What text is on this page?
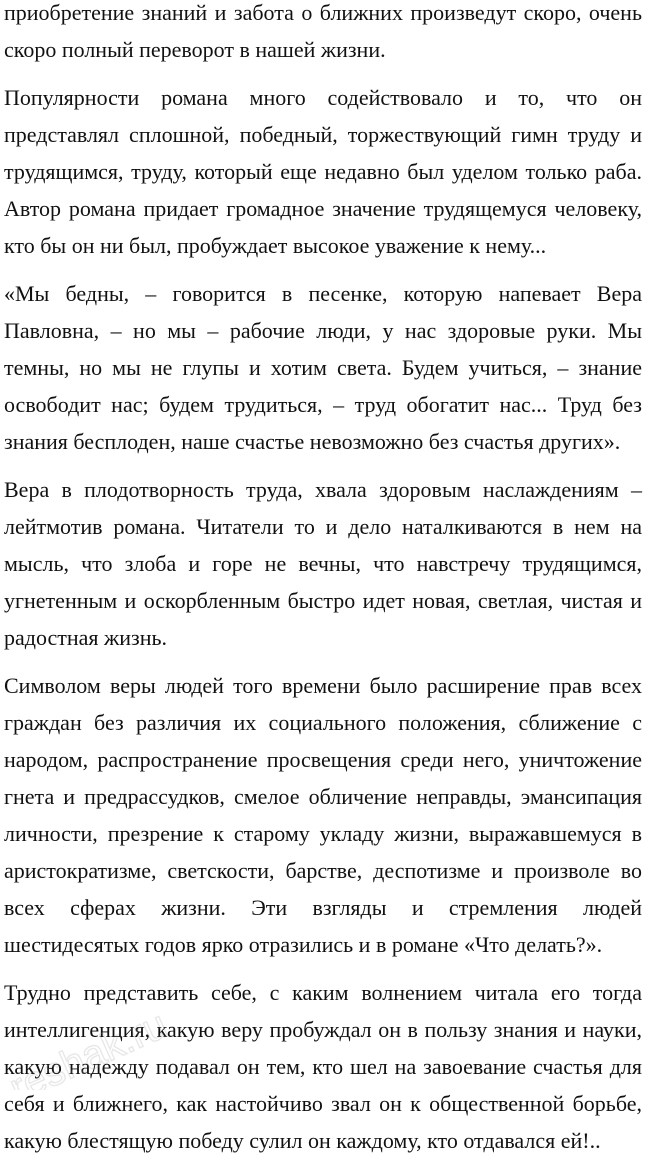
приобретение знаний и забота о ближних произведут скоро, очень скоро полный переворот в нашей жизни.

Популярности романа много содействовало и то, что он представлял сплошной, победный, торжествующий гимн труду и трудящимся, труду, который еще недавно был уделом только раба. Автор романа придает громадное значение трудящемуся человеку, кто бы он ни был, пробуждает высокое уважение к нему...

«Мы бедны, – говорится в песенке, которую напевает Вера Павловна, – но мы – рабочие люди, у нас здоровые руки. Мы темны, но мы не глупы и хотим света. Будем учиться, – знание освободит нас; будем трудиться, – труд обогатит нас... Труд без знания бесплоден, наше счастье невозможно без счастья других».

Вера в плодотворность труда, хвала здоровым наслаждениям – лейтмотив романа. Читатели то и дело наталкиваются в нем на мысль, что злоба и горе не вечны, что навстречу трудящимся, угнетенным и оскорбленным быстро идет новая, светлая, чистая и радостная жизнь.

Символом веры людей того времени было расширение прав всех граждан без различия их социального положения, сближение с народом, распространение просвещения среди него, уничтожение гнета и предрассудков, смелое обличение неправды, эмансипация личности, презрение к старому укладу жизни, выражавшемуся в аристократизме, светскости, барстве, деспотизме и произволе во всех сферах жизни. Эти взгляды и стремления людей шестидесятых годов ярко отразились и в романе «Что делать?».

Трудно представить себе, с каким волнением читала его тогда интеллигенция, какую веру пробуждал он в пользу знания и науки, какую надежду подавал он тем, кто шел на завоевание счастья для себя и ближнего, как настойчиво звал он к общественной борьбе, какую блестящую победу сулил он каждому, кто отдавался ей!..

reshak.ru
